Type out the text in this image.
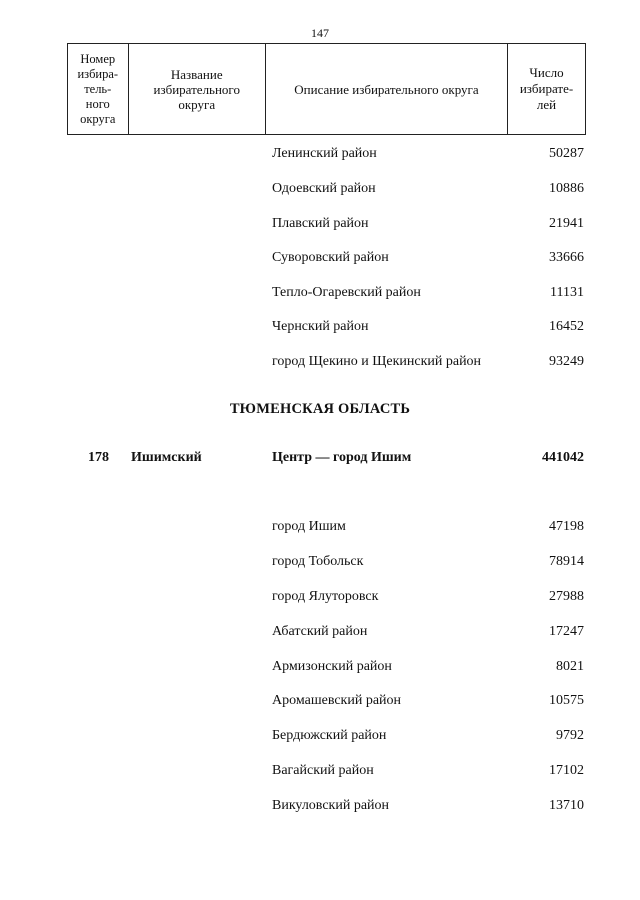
147
Номер
избира-
тель-
ного
округа

Название
избирательного
округа

Описание избирательного округа

Число
избирате-
лей
Ленинский район	50287
Одоевский район	10886
Плавский район	21941
Суворовский район	33666
Тепло-Огаревский район	11131
Чернский район	16452
город Щекино и Щекинский район	93249
ТЮМЕНСКАЯ ОБЛАСТЬ
178 Ишимский	Центр — город Ишим	441042
город Ишим	47198
город Тобольск	78914
город Ялуторовск	27988
Абатский район	17247
Армизонский район	8021
Аромашевский район	10575
Бердюжский район	9792
Вагайский район	17102
Викуловский район	13710
